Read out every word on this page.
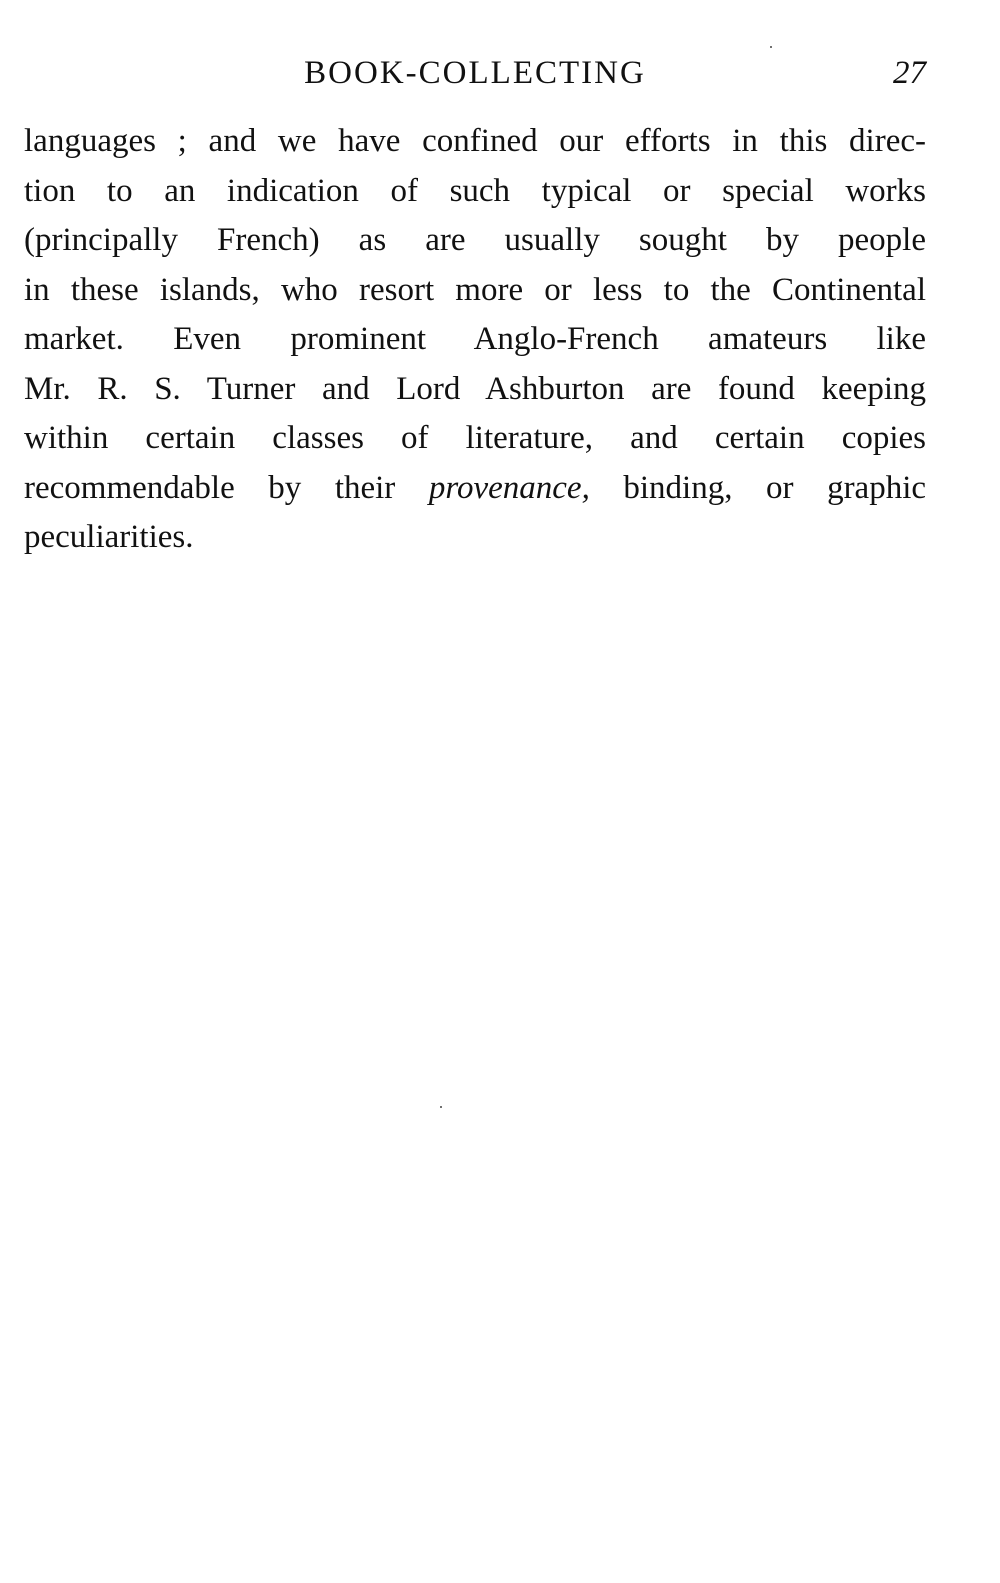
BOOK-COLLECTING	27
languages ; and we have confined our efforts in this direc-
tion to an indication of such typical or special works
(principally French) as are usually sought by people
in these islands, who resort more or less to the Continental
market. Even prominent Anglo-French amateurs like
Mr. R. S. Turner and Lord Ashburton are found keeping
within certain classes of literature, and certain copies
recommendable by their provenance, binding, or graphic
peculiarities.
